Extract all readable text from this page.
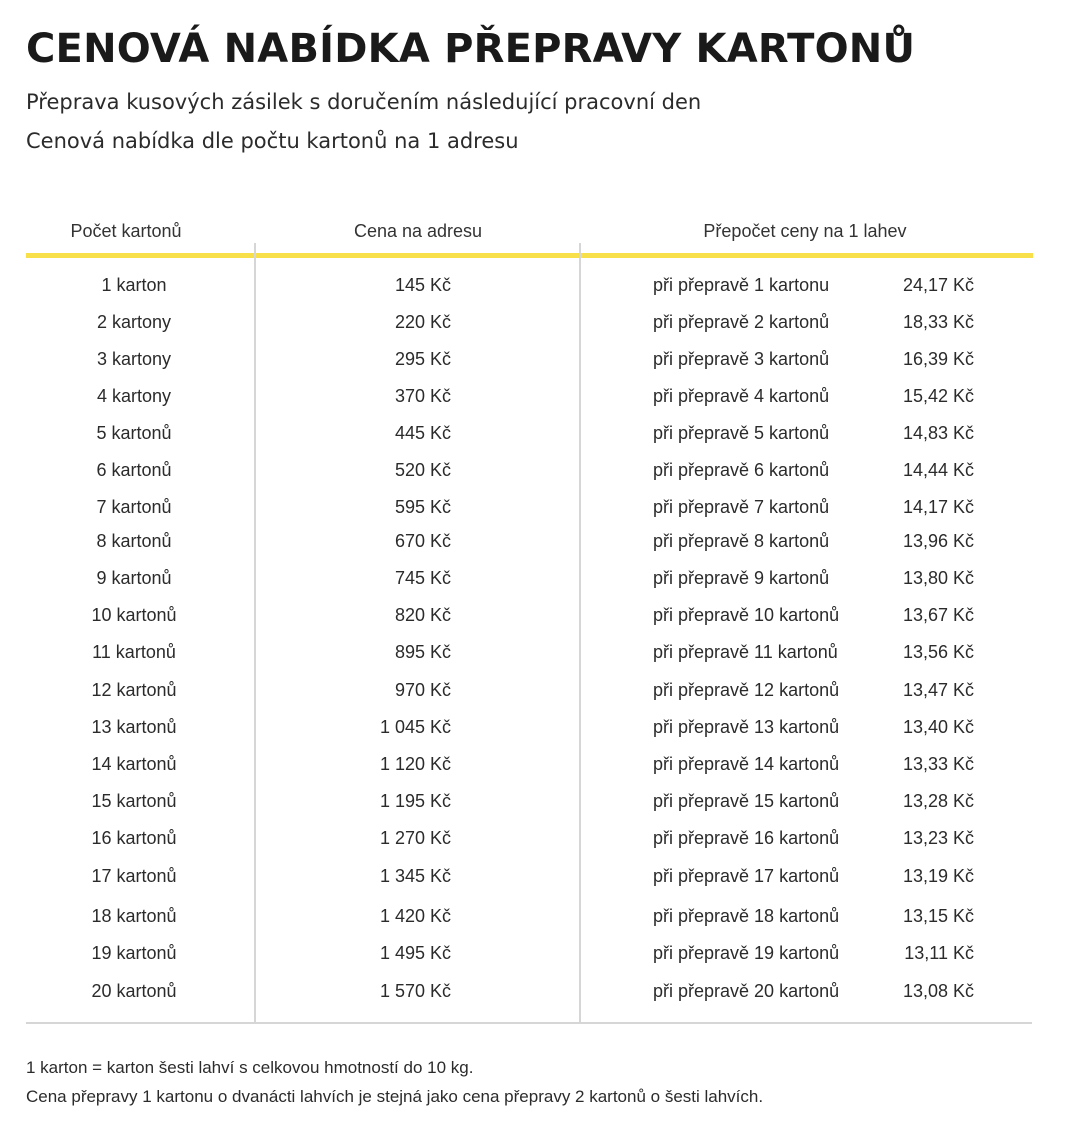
CENOVÁ NABÍDKA PŘEPRAVY KARTONŮ

Přeprava kusových zásilek s doručením následující pracovní den

Cenová nabídka dle počtu kartonů na 1 adresu

Počet kartonů	Cena na adresu	Přepočet ceny na 1 lahev
1 karton	145 Kč	při přepravě 1 kartonu	24,17 Kč
2 kartony	220 Kč	při přepravě 2 kartonů	18,33 Kč
3 kartony	295 Kč	při přepravě 3 kartonů	16,39 Kč
4 kartony	370 Kč	při přepravě 4 kartonů	15,42 Kč
5 kartonů	445 Kč	při přepravě 5 kartonů	14,83 Kč
6 kartonů	520 Kč	při přepravě 6 kartonů	14,44 Kč
7 kartonů	595 Kč	při přepravě 7 kartonů	14,17 Kč
8 kartonů	670 Kč	při přepravě 8 kartonů	13,96 Kč
9 kartonů	745 Kč	při přepravě 9 kartonů	13,80 Kč
10 kartonů	820 Kč	při přepravě 10 kartonů	13,67 Kč
11 kartonů	895 Kč	při přepravě 11 kartonů	13,56 Kč
12 kartonů	970 Kč	při přepravě 12 kartonů	13,47 Kč
13 kartonů	1 045 Kč	při přepravě 13 kartonů	13,40 Kč
14 kartonů	1 120 Kč	při přepravě 14 kartonů	13,33 Kč
15 kartonů	1 195 Kč	při přepravě 15 kartonů	13,28 Kč
16 kartonů	1 270 Kč	při přepravě 16 kartonů	13,23 Kč
17 kartonů	1 345 Kč	při přepravě 17 kartonů	13,19 Kč
18 kartonů	1 420 Kč	při přepravě 18 kartonů	13,15 Kč
19 kartonů	1 495 Kč	při přepravě 19 kartonů	13,11 Kč
20 kartonů	1 570 Kč	při přepravě 20 kartonů	13,08 Kč

1 karton = karton šesti lahví s celkovou hmotností do 10 kg.

Cena přepravy 1 kartonu o dvanácti lahvích je stejná jako cena přepravy 2 kartonů o šesti lahvích.
